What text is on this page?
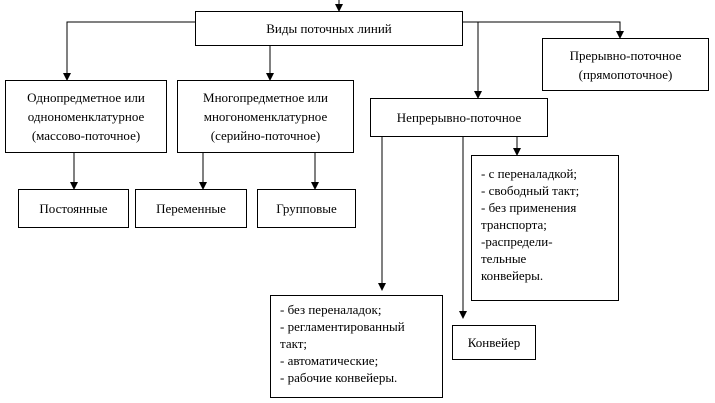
Виды поточных линий
Однопредметное или
однономенклатурное
(массово-поточное)
Многопредметное или
многономенклатурное
(серийно-поточное)
Прерывно-поточное
(прямопоточное)
Непрерывно-поточное
Постоянные	Переменные	Групповые
- с переналадкой;
- свободный такт;
- без применения
транспорта;
-распредели-
тельные
конвейеры.
- без переналадок;
- регламентированный
такт;
- автоматические;
- рабочие конвейеры.
Конвейер
